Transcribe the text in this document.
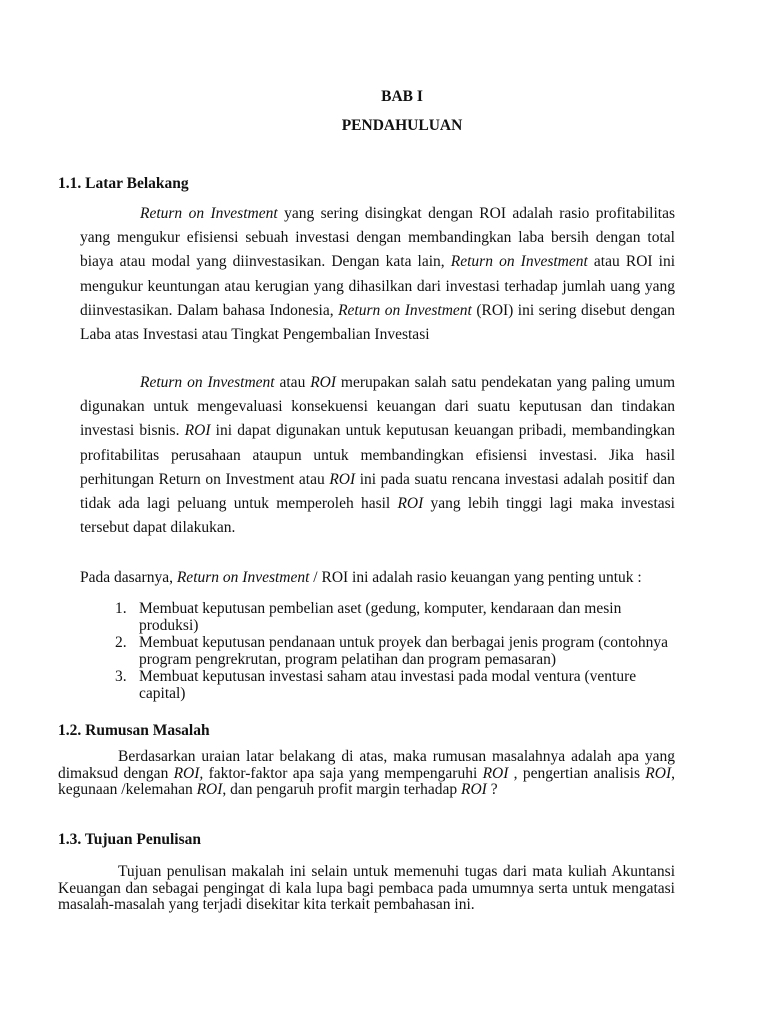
BAB I
PENDAHULUAN
1.1. Latar Belakang

Return on Investment yang sering disingkat dengan ROI adalah rasio profitabilitas yang mengukur efisiensi sebuah investasi dengan membandingkan laba bersih dengan total biaya atau modal yang diinvestasikan. Dengan kata lain, Return on Investment atau ROI ini mengukur keuntungan atau kerugian yang dihasilkan dari investasi terhadap jumlah uang yang diinvestasikan. Dalam bahasa Indonesia, Return on Investment (ROI) ini sering disebut dengan Laba atas Investasi atau Tingkat Pengembalian Investasi

Return on Investment atau ROI merupakan salah satu pendekatan yang paling umum digunakan untuk mengevaluasi konsekuensi keuangan dari suatu keputusan dan tindakan investasi bisnis. ROI ini dapat digunakan untuk keputusan keuangan pribadi, membandingkan profitabilitas perusahaan ataupun untuk membandingkan efisiensi investasi. Jika hasil perhitungan Return on Investment atau ROI ini pada suatu rencana investasi adalah positif dan tidak ada lagi peluang untuk memperoleh hasil ROI yang lebih tinggi lagi maka investasi tersebut dapat dilakukan.

Pada dasarnya, Return on Investment / ROI ini adalah rasio keuangan yang penting untuk :
1. Membuat keputusan pembelian aset (gedung, komputer, kendaraan dan mesin produksi)
2. Membuat keputusan pendanaan untuk proyek dan berbagai jenis program (contohnya program pengrekrutan, program pelatihan dan program pemasaran)
3. Membuat keputusan investasi saham atau investasi pada modal ventura (venture capital)
1.2. Rumusan Masalah

Berdasarkan uraian latar belakang di atas, maka rumusan masalahnya adalah apa yang dimaksud dengan ROI, faktor-faktor apa saja yang mempengaruhi ROI , pengertian analisis ROI, kegunaan /kelemahan ROI, dan pengaruh profit margin terhadap ROI ?

1.3. Tujuan Penulisan

Tujuan penulisan makalah ini selain untuk memenuhi tugas dari mata kuliah Akuntansi Keuangan dan sebagai pengingat di kala lupa bagi pembaca pada umumnya serta untuk mengatasi masalah-masalah yang terjadi disekitar kita terkait pembahasan ini.
